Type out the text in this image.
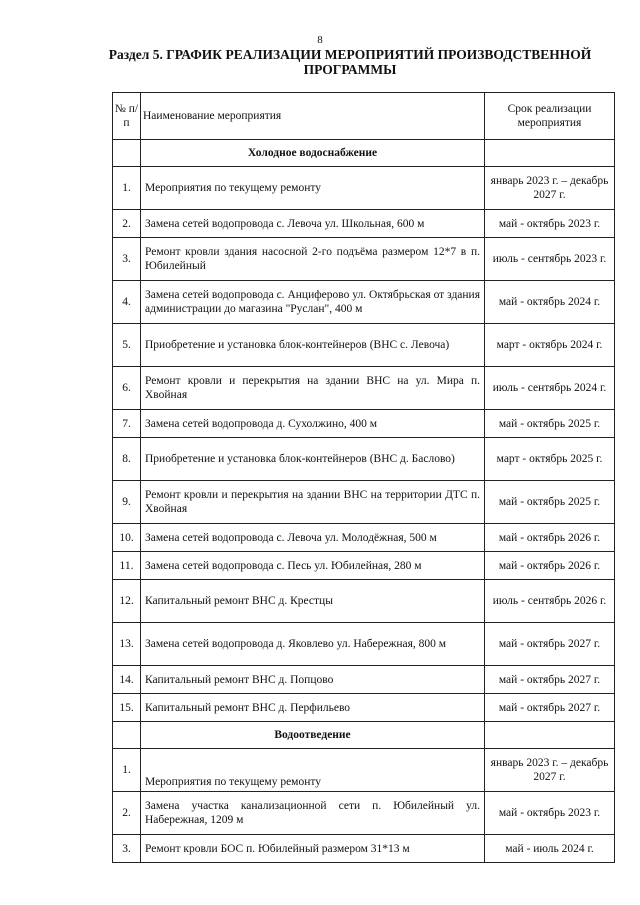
8
Раздел 5. ГРАФИК РЕАЛИЗАЦИИ МЕРОПРИЯТИЙ ПРОИЗВОДСТВЕННОЙ
ПРОГРАММЫ
№ п/п	Наименование мероприятия	Срок реализации мероприятия
	Холодное водоснабжение	
1.	Мероприятия по текущему ремонту	январь 2023 г. – декабрь 2027 г.
2.	Замена сетей водопровода с. Левоча ул. Школьная, 600 м	май - октябрь 2023 г.
3.	Ремонт кровли здания насосной 2-го подъёма размером 12*7 в п. Юбилейный	июль - сентябрь 2023 г.
4.	Замена сетей водопровода с. Анциферово ул. Октябрьская от здания администрации до магазина "Руслан", 400 м	май - октябрь 2024 г.
5.	Приобретение и установка блок-контейнеров (ВНС с. Левоча)	март - октябрь 2024 г.
6.	Ремонт кровли и перекрытия на здании ВНС на ул. Мира п. Хвойная	июль - сентябрь 2024 г.
7.	Замена сетей водопровода д. Сухолжино, 400 м	май - октябрь 2025 г.
8.	Приобретение и установка блок-контейнеров (ВНС д. Баслово)	март - октябрь 2025 г.
9.	Ремонт кровли и перекрытия на здании ВНС на территории ДТС п. Хвойная	май - октябрь 2025 г.
10.	Замена сетей водопровода с. Левоча ул. Молодёжная, 500 м	май - октябрь 2026 г.
11.	Замена сетей водопровода с. Песь ул. Юбилейная, 280 м	май - октябрь 2026 г.
12.	Капитальный ремонт ВНС д. Крестцы	июль - сентябрь 2026 г.
13.	Замена сетей водопровода д. Яковлево ул. Набережная, 800 м	май - октябрь 2027 г.
14.	Капитальный ремонт ВНС д. Попцово	май - октябрь 2027 г.
15.	Капитальный ремонт ВНС д. Перфильево	май - октябрь 2027 г.
	Водоотведение	
1.	Мероприятия по текущему ремонту	январь 2023 г. – декабрь 2027 г.
2.	Замена участка канализационной сети п. Юбилейный ул. Набережная, 1209 м	май - октябрь 2023 г.
3.	Ремонт кровли БОС п. Юбилейный размером 31*13 м	май - июль 2024 г.
